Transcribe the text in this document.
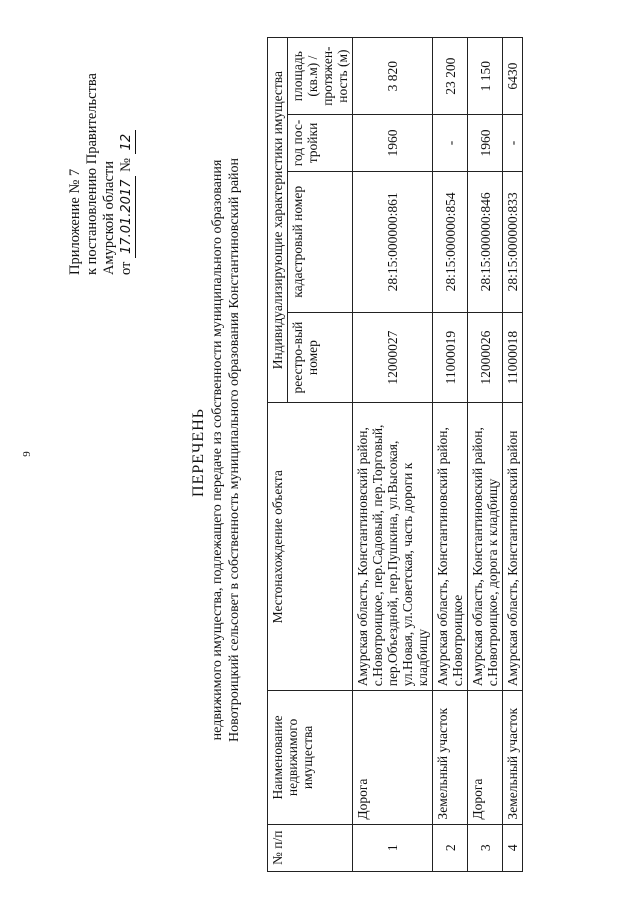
9
Приложение № 7 к постановлению Правительства Амурской области от 17.01.2017 № 12
ПЕРЕЧЕНЬ недвижимого имущества, подлежащего передаче из собственности муниципального образования Новотроицкий сельсовет в собственность муниципального образования Константиновский район
№ п/п	Наименование недвижимого имущества	Местонахождение объекта	Индивидуализирующие характеристики имущества			
			реестро-вый номер	кадастровый номер	год пос-тройки	площадь (кв.м) / протяжен-ность (м)
1	Дорога	Амурская область, Константиновский район, с.Новотроицкое, пер.Садовый, пер.Торговый, пер.Объездной, пер.Пушкина, ул.Высокая, ул.Новая, ул.Советская, часть дороги к кладбищу	12000027	28:15:000000:861	1960	3 820
2	Земельный участок	Амурская область, Константиновский район, с.Новотроицкое	11000019	28:15:000000:854	-	23 200
3	Дорога	Амурская область, Константиновский район, с.Новотроицкое, дорога к кладбищу	12000026	28:15:000000:846	1960	1 150
4	Земельный участок	Амурская область, Константиновский район	11000018	28:15:000000:833	-	6430
